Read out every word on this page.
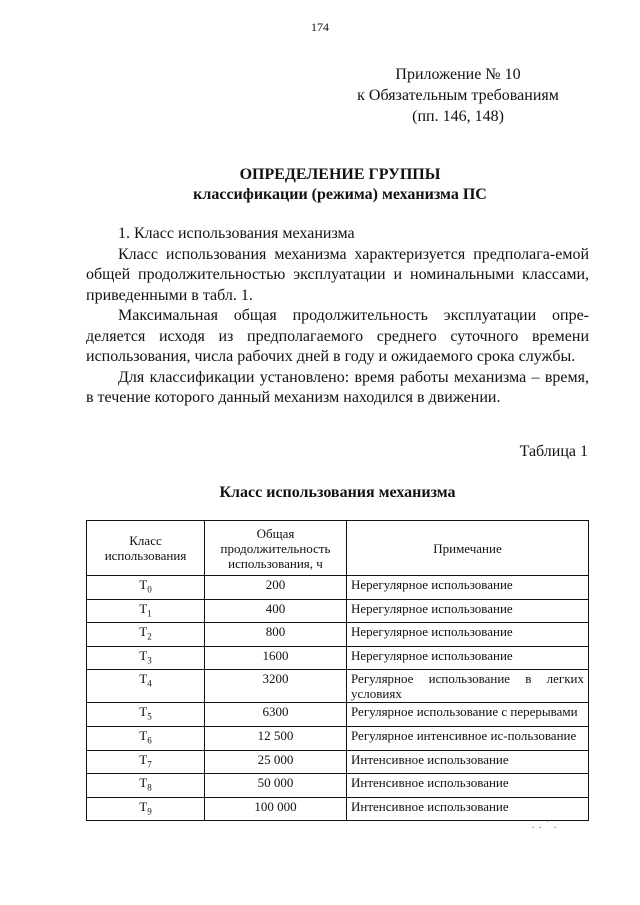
174
Приложение № 10
к Обязательным требованиям
(пп. 146, 148)
ОПРЕДЕЛЕНИЕ ГРУППЫ
классификации (режима) механизма ПС

1. Класс использования механизма

Класс использования механизма характеризуется предполага-емой общей продолжительностью эксплуатации и номинальными классами, приведенными в табл. 1.

Максимальная общая продолжительность эксплуатации опре-деляется исходя из предполагаемого среднего суточного времени использования, числа рабочих дней в году и ожидаемого срока службы.

Для классификации установлено: время работы механизма – время, в течение которого данный механизм находился в движении.

Таблица 1
Класс использования механизма
Класс использования	Общая продолжительность использования, ч	Примечание
$T_0$	200	Нерегулярное использование
$T_1$	400	Нерегулярное использование
$T_2$	800	Нерегулярное использование
$T_3$	1600	Нерегулярное использование
$T_4$	3200	Регулярное использование в легких условиях
$T_5$	6300	Регулярное использование с перерывами
$T_6$	12 500	Регулярное интенсивное ис-пользование
$T_7$	25 000	Интенсивное использование
$T_8$	50 000	Интенсивное использование
$T_9$	100 000	Интенсивное использование
. . ´ .
